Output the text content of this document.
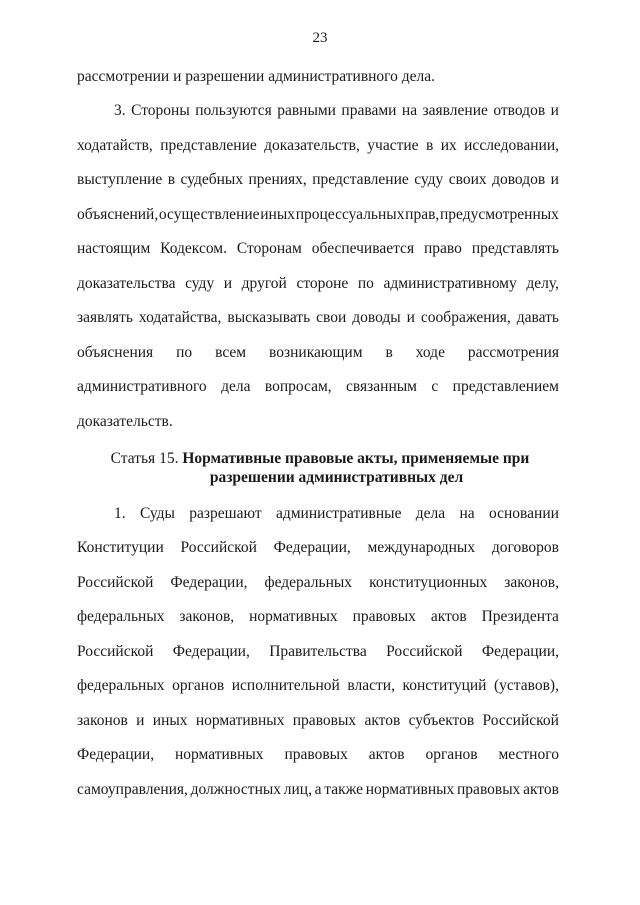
23
рассмотрении и разрешении административного дела.
3. Стороны пользуются равными правами на заявление отводов и
ходатайств, представление доказательств, участие в их исследовании,
выступление в судебных прениях, представление суду своих доводов и
объяснений, осуществление иных процессуальных прав, предусмотренных
настоящим Кодексом. Сторонам обеспечивается право представлять
доказательства суду и другой стороне по административному делу,
заявлять ходатайства, высказывать свои доводы и соображения, давать
объяснения по всем возникающим в ходе рассмотрения
административного дела вопросам, связанным с представлением
доказательств.
Статья 15. Нормативные правовые акты, применяемые при
разрешении административных дел
1. Суды разрешают административные дела на основании
Конституции Российской Федерации, международных договоров
Российской Федерации, федеральных конституционных законов,
федеральных законов, нормативных правовых актов Президента
Российской Федерации, Правительства Российской Федерации,
федеральных органов исполнительной власти, конституций (уставов),
законов и иных нормативных правовых актов субъектов Российской
Федерации, нормативных правовых актов органов местного
самоуправления, должностных лиц, а также нормативных правовых актов
